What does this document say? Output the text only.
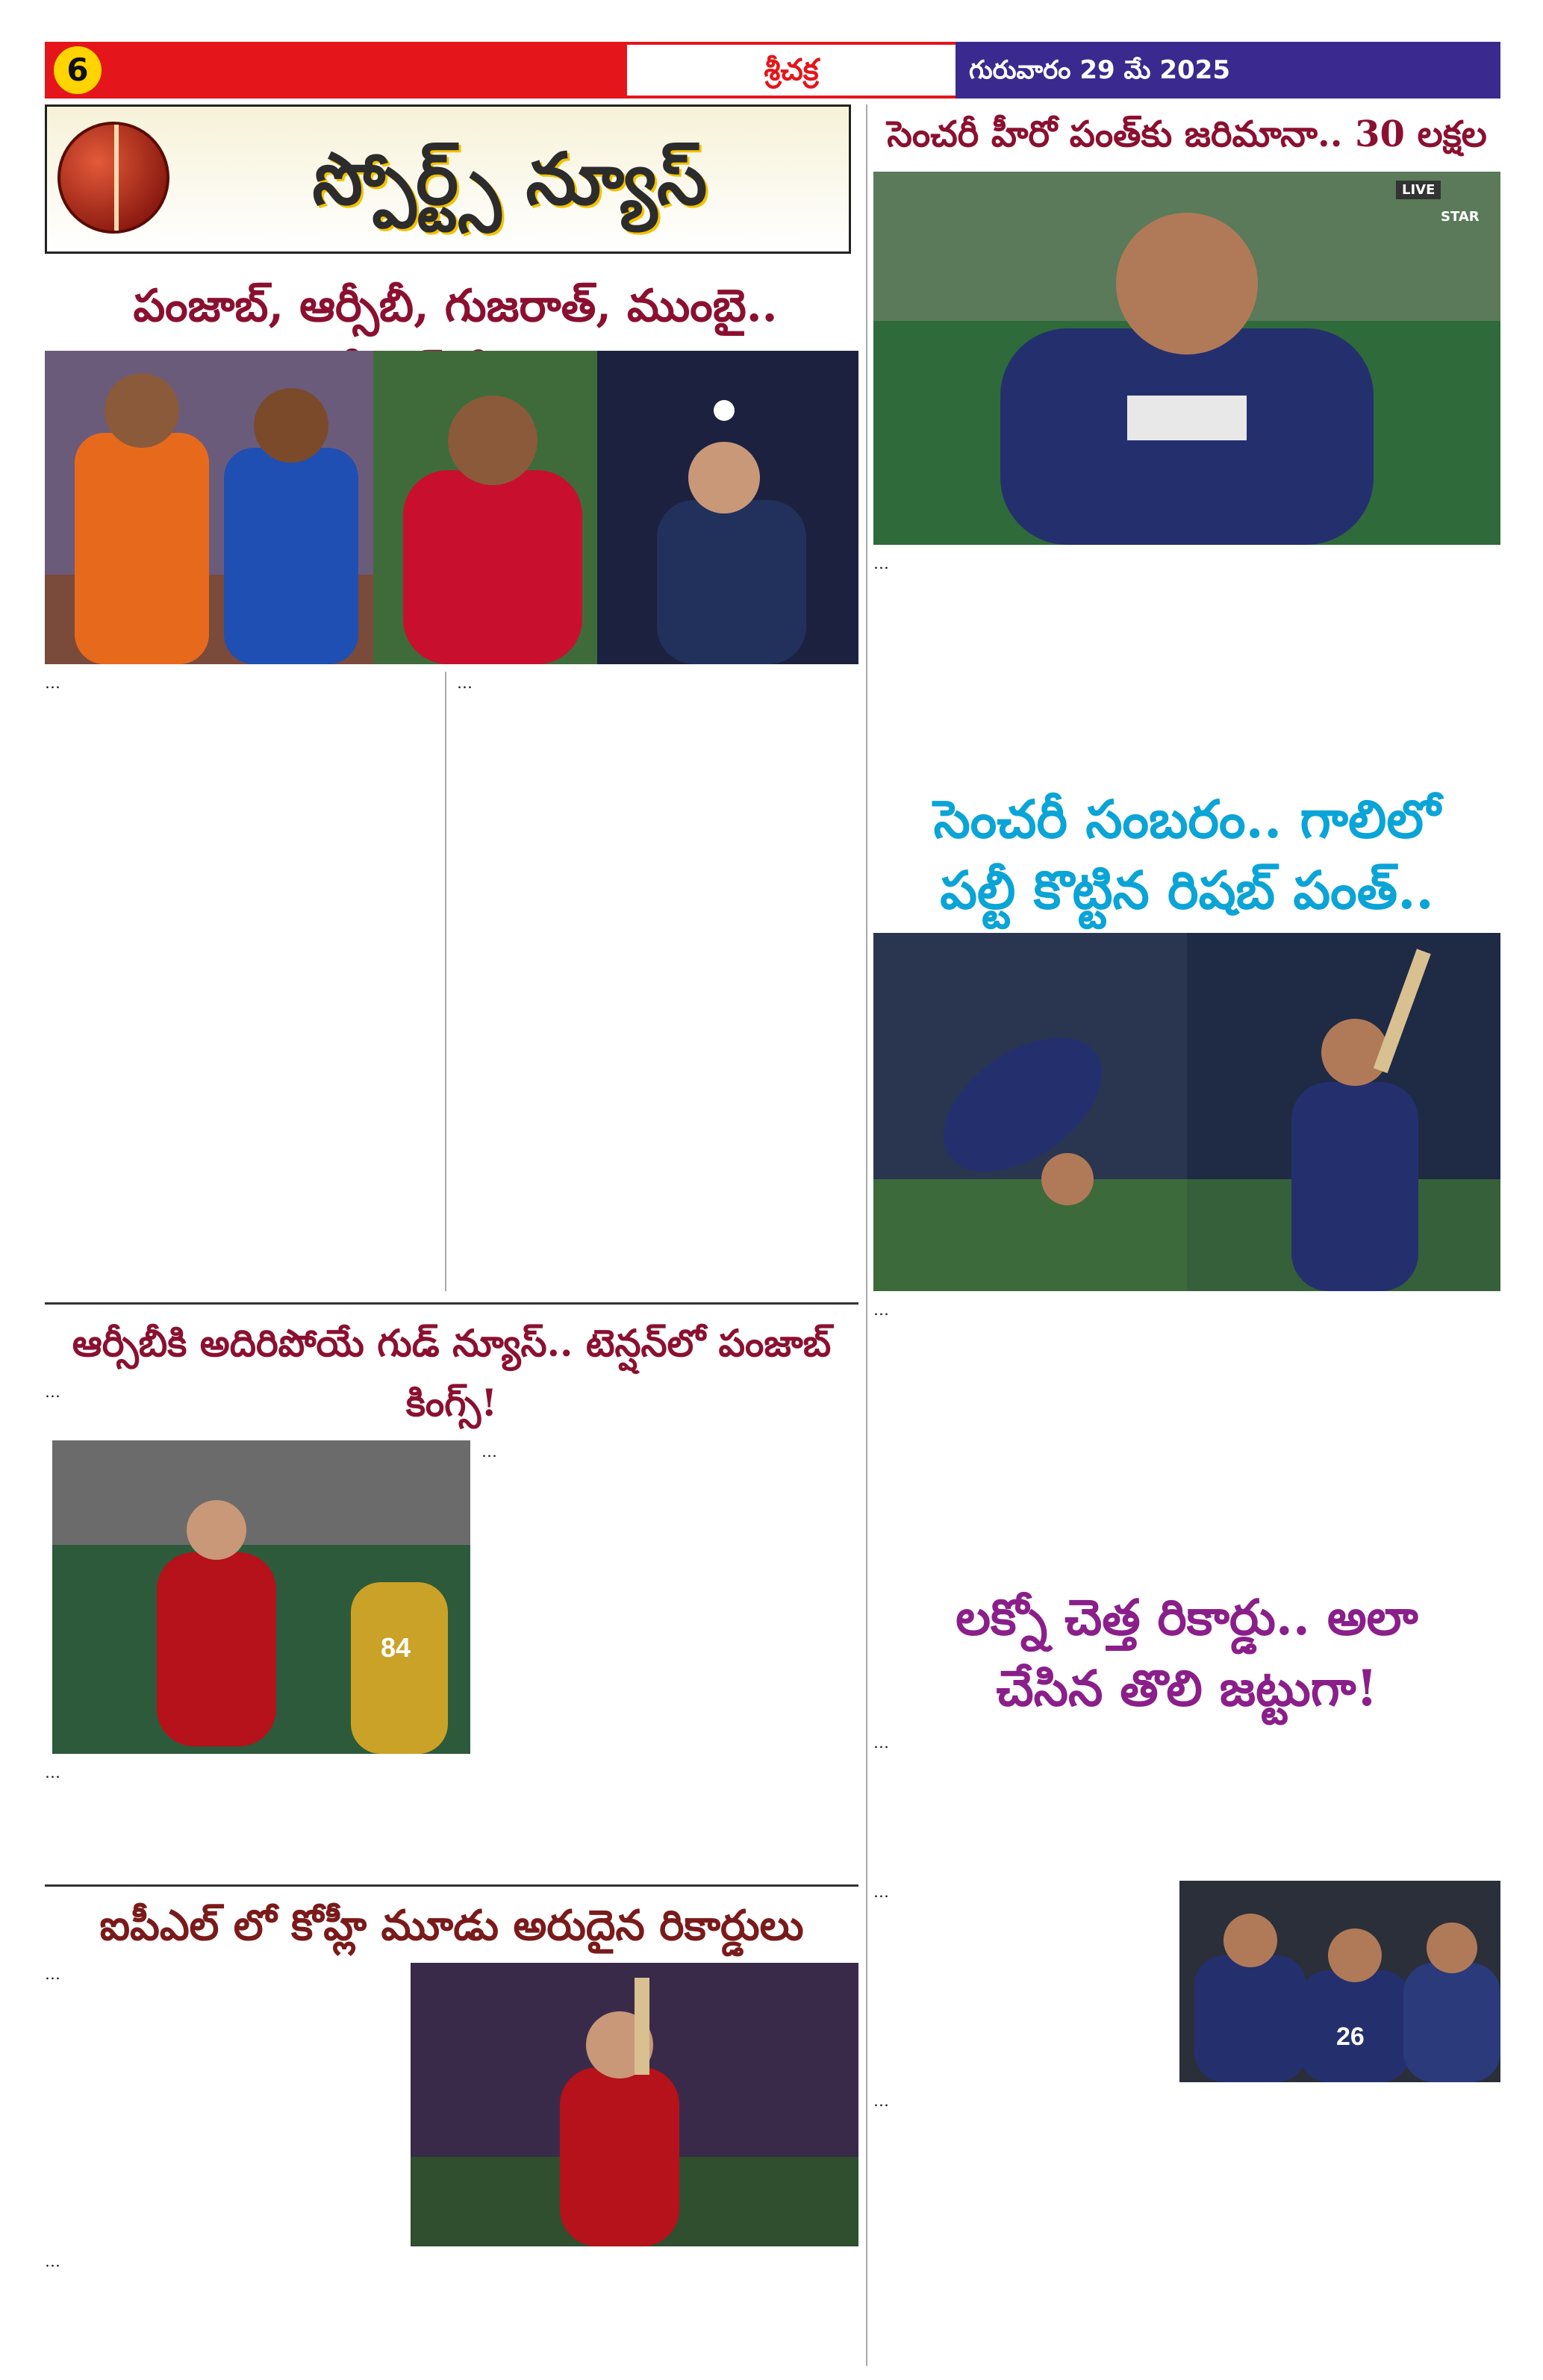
6	శ్రీచక్ర	గురువారం 29 మే 2025
స్పోర్ట్స్ న్యూస్
పంజాబ్, ఆర్సీబీ, గుజరాత్, ముంబై..
…	…
ఆర్సీబీకి అదిరిపోయే గుడ్ న్యూస్.. టెన్షన్‌లో పంజాబ్ కింగ్స్!
…
84
…
…
ఐపీఎల్ లో కోహ్లీ మూడు అరుదైన రికార్డులు
…
…
సెంచరీ హీరో పంత్‌కు జరిమానా.. 30 లక్షల
LIVE
STAR
…
సెంచరీ సంబరం.. గాలిలో
పల్టీ కొట్టిన రిషబ్ పంత్..
…
లక్నో చెత్త రికార్డు.. అలా
చేసిన తొలి జట్టుగా!
…
…
26
…
